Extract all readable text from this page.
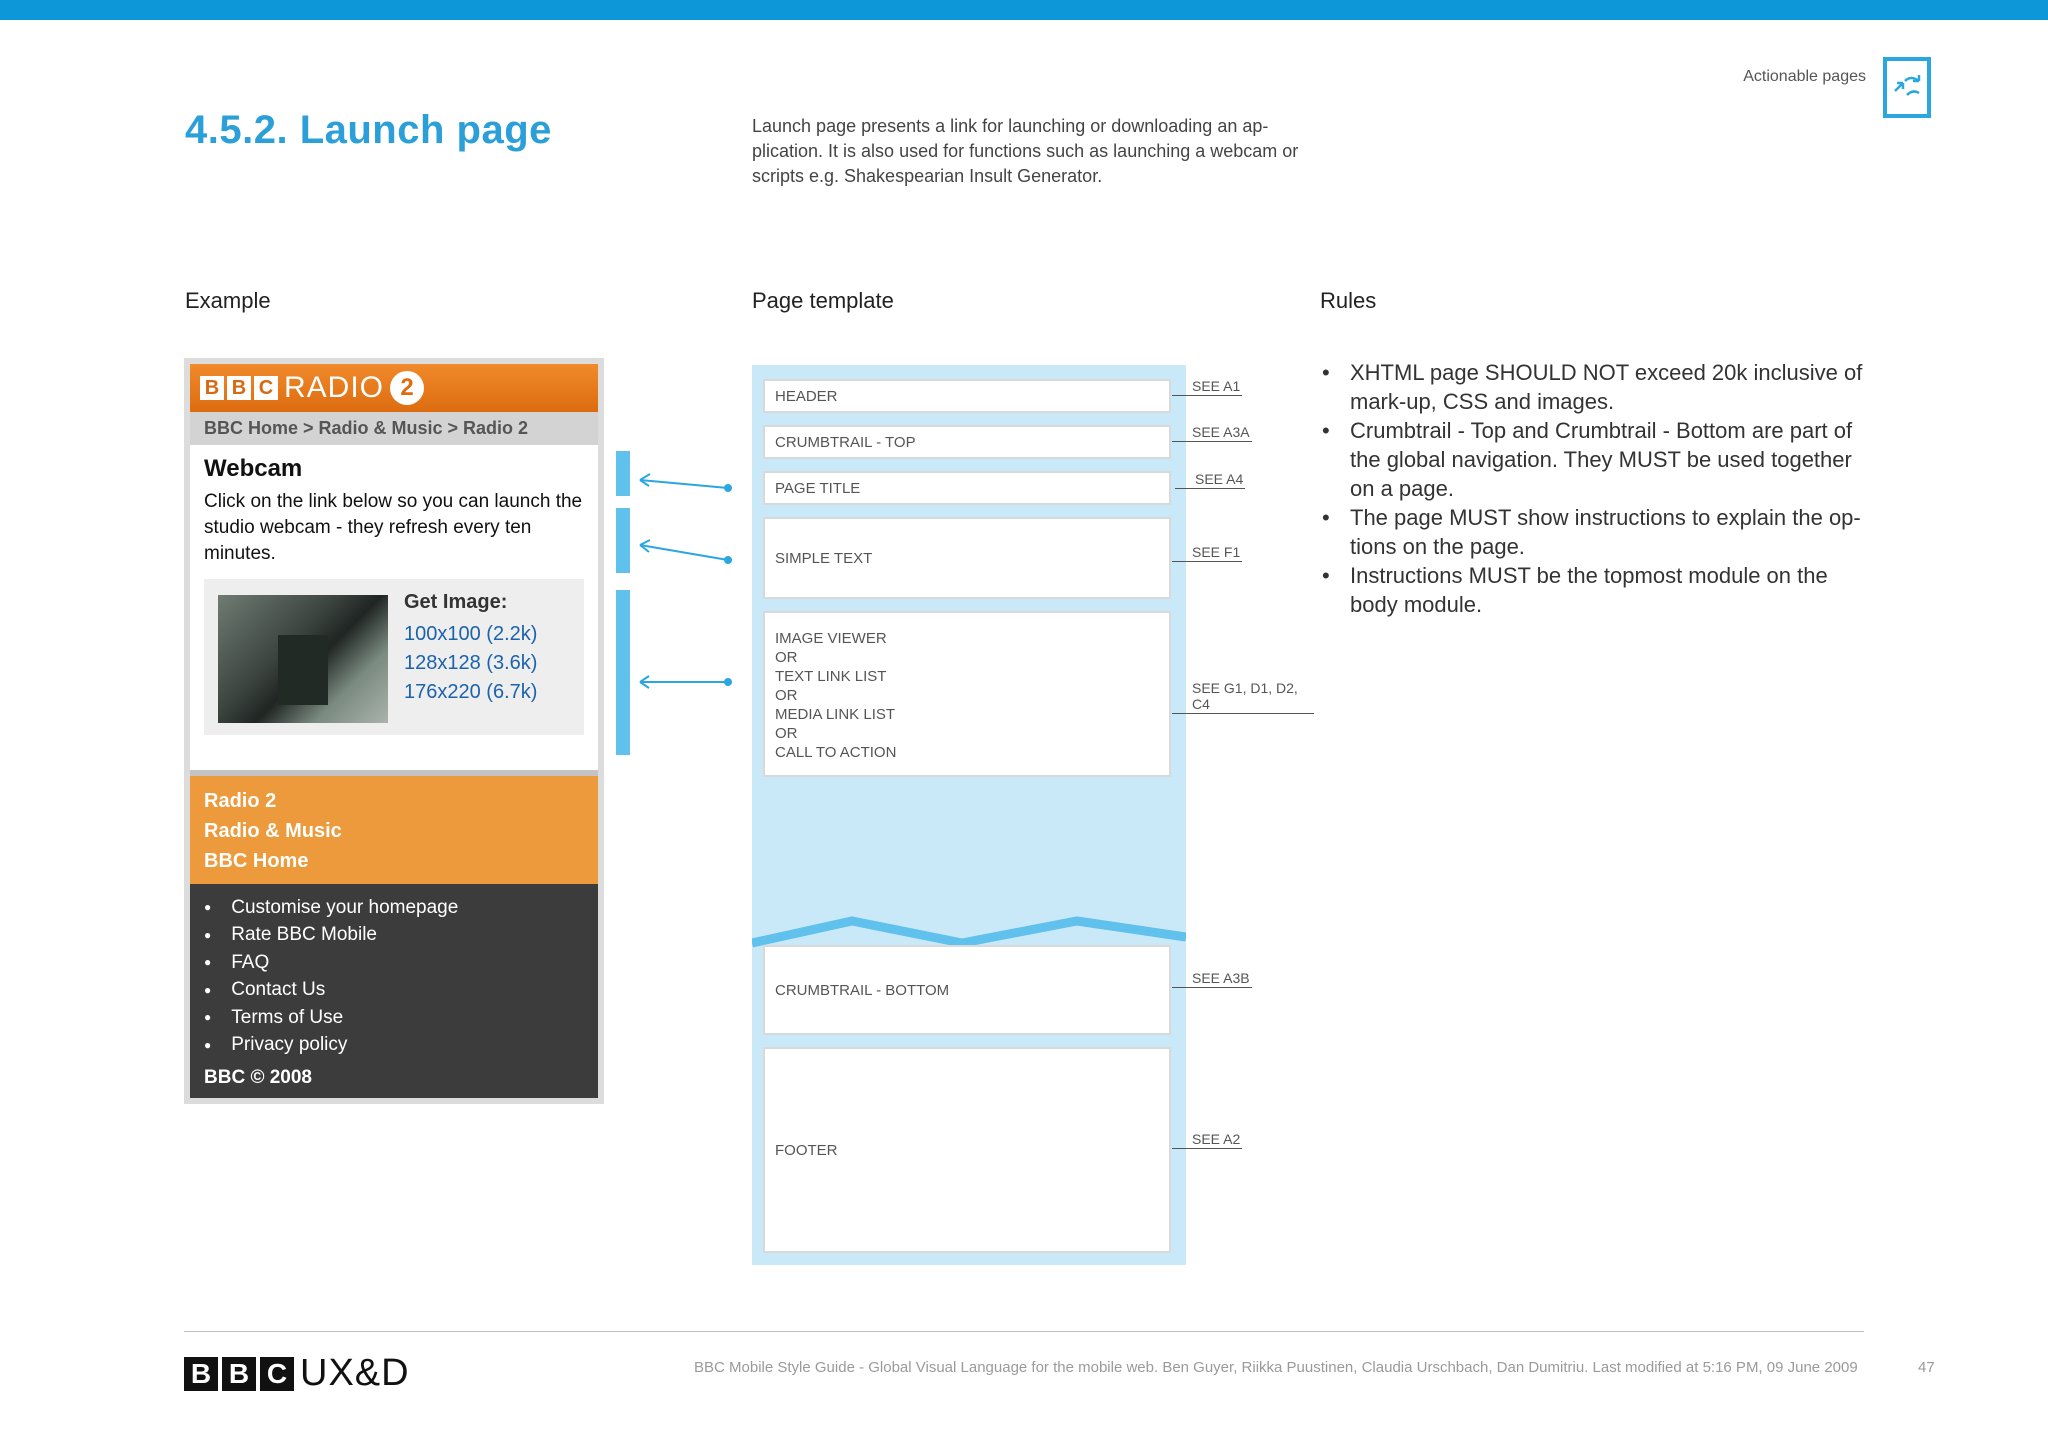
Actionable pages
4.5.2. Launch page	Launch page presents a link for launching or downloading an ap-plication. It is also used for functions such as launching a webcam or scripts e.g. Shakespearian Insult Generator.

Example	Page template	Rules
B B C RADIO 2
BBC Home > Radio & Music > Radio 2
Webcam
Click on the link below so you can launch the studio webcam - they refresh every ten minutes.
Get Image:
100x100 (2.2k)
128x128 (3.6k)
176x220 (6.7k)
Radio 2
Radio & Music
BBC Home
● Customise your homepage
● Rate BBC Mobile
● FAQ
● Contact Us
● Terms of Use
● Privacy policy
BBC © 2008
HEADER
CRUMBTRAIL - TOP
PAGE TITLE
SIMPLE TEXT
IMAGE VIEWER
OR
TEXT LINK LIST
OR
MEDIA LINK LIST
OR
CALL TO ACTION
CRUMBTRAIL - BOTTOM
FOOTER
SEE A1
SEE A3A
SEE A4
SEE F1
SEE G1, D1, D2, C4
SEE A3B
SEE A2
• XHTML page SHOULD NOT exceed 20k inclusive of mark-up, CSS and images.
• Crumbtrail - Top and Crumbtrail - Bottom are part of the global navigation. They MUST be used together on a page.
• The page MUST show instructions to explain the op-tions on the page.
• Instructions MUST be the topmost module on the body module.
B B C UX&D	BBC Mobile Style Guide - Global Visual Language for the mobile web. Ben Guyer, Riikka Puustinen, Claudia Urschbach, Dan Dumitriu. Last modified at 5:16 PM, 09 June 2009	47
